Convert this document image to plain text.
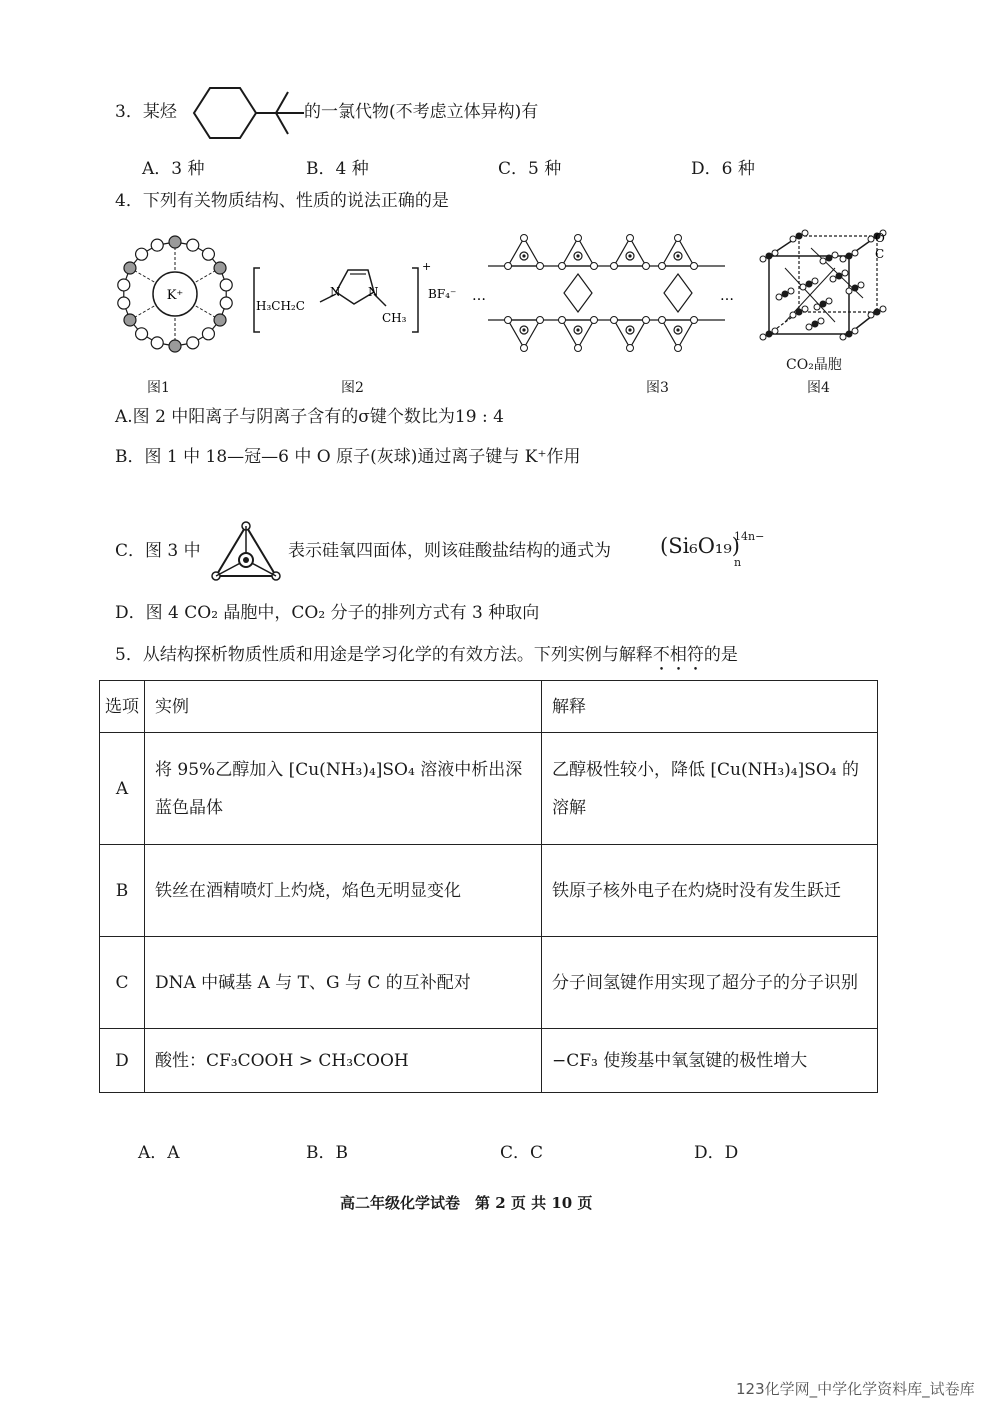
3．某烃	的一氯代物(不考虑立体异构)有
A．3 种	B．4 种	C．5 种	D．6 种
4．下列有关物质结构、性质的说法正确的是
K⁺
图1
H₃CH₂C
N N
CH₃
+
BF₄⁻
图2
…	…
图3
O
C
CO₂晶胞
图4
A.图 2 中阳离子与阴离子含有的σ键个数比为19 : 4
B．图 1 中 18—冠—6 中 O 原子(灰球)通过离子键与 K⁺作用
C．图 3 中	表示硅氧四面体，则该硅酸盐结构的通式为 (Si₆O₁₉)
14n−
n
D．图 4 CO₂ 晶胞中，CO₂ 分子的排列方式有 3 种取向
5．从结构探析物质性质和用途是学习化学的有效方法。下列实例与解释不相符的是
选项	实例	解释
A	将 95%乙醇加入 [Cu(NH₃)₄]SO₄ 溶液中析出深蓝色晶体	乙醇极性较小，降低 [Cu(NH₃)₄]SO₄ 的溶解
B	铁丝在酒精喷灯上灼烧，焰色无明显变化	铁原子核外电子在灼烧时没有发生跃迁
C	DNA 中碱基 A 与 T、G 与 C 的互补配对	分子间氢键作用实现了超分子的分子识别
D	酸性：CF₃COOH > CH₃COOH	−CF₃ 使羧基中氧氢键的极性增大
A．A	B．B	C．C	D．D
高二年级化学试卷　第 2 页 共 10 页
123化学网_中学化学资料库_试卷库
